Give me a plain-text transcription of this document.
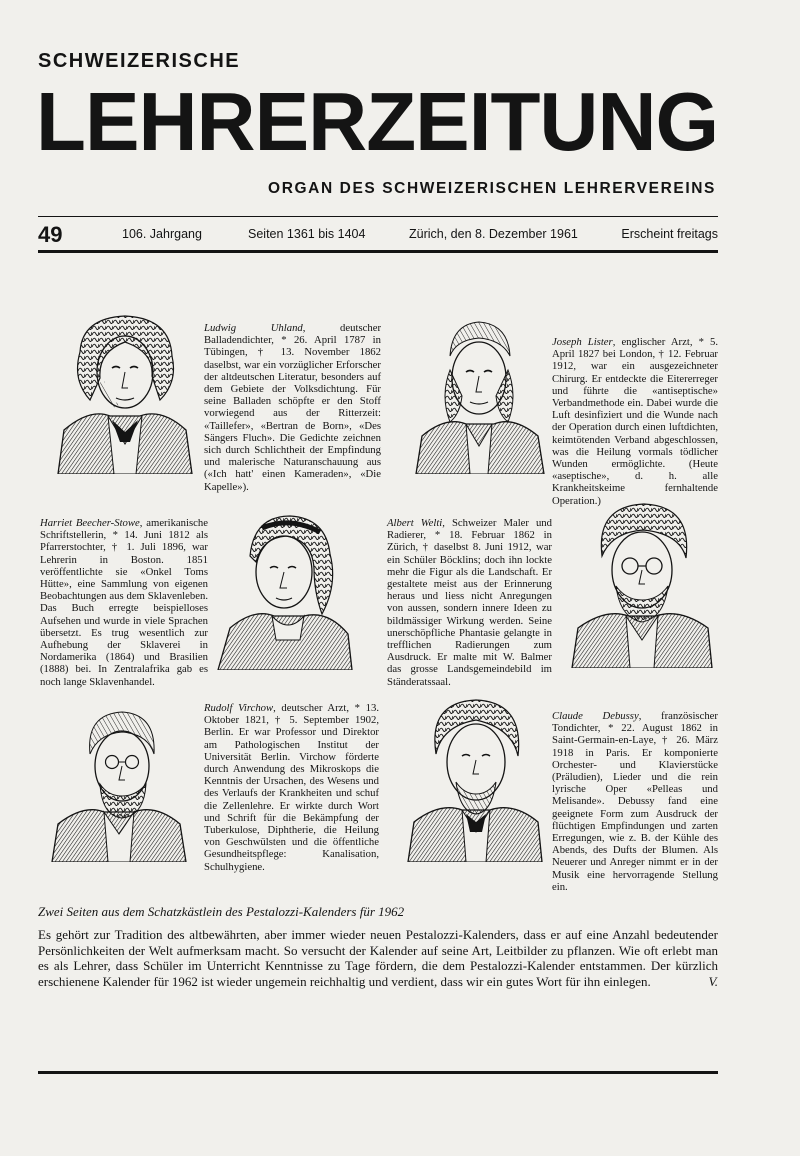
SCHWEIZERISCHE
LEHRERZEITUNG
ORGAN DES SCHWEIZERISCHEN LEHRERVEREINS
49	106. Jahrgang	Seiten 1361 bis 1404	Zürich, den 8. Dezember 1961	Erscheint freitags
Ludwig Uhland, deutscher Balladendichter, * 26. April 1787 in Tübingen, † 13. November 1862 daselbst, war ein vorzüglicher Erforscher der altdeutschen Literatur, besonders auf dem Gebiete der Volksdichtung. Für seine Balladen schöpfte er den Stoff vorwiegend aus der Ritterzeit: «Taillefer», «Bertran de Born», «Des Sängers Fluch». Die Gedichte zeichnen sich durch Schlichtheit der Empfindung und malerische Naturanschauung aus («Ich hatt' einen Kameraden», «Die Kapelle»).
Joseph Lister, englischer Arzt, * 5. April 1827 bei London, † 12. Februar 1912, war ein ausgezeichneter Chirurg. Er entdeckte die Eitererreger und führte die «antiseptische» Verbandmethode ein. Dabei wurde die Luft desinfiziert und die Wunde nach der Operation durch einen luftdichten, keimtötenden Verband abgeschlossen, was die Heilung vormals tödlicher Wunden ermöglichte. (Heute «aseptische», d. h. alle Krankheitskeime fernhaltende Operation.)
Harriet Beecher-Stowe, amerikanische Schriftstellerin, * 14. Juni 1812 als Pfarrerstochter, † 1. Juli 1896, war Lehrerin in Boston. 1851 veröffentlichte sie «Onkel Toms Hütte», eine Sammlung von eigenen Beobachtungen aus dem Sklavenleben. Das Buch erregte beispielloses Aufsehen und wurde in viele Sprachen übersetzt. Es trug wesentlich zur Aufhebung der Sklaverei in Nordamerika (1864) und Brasilien (1888) bei. In Zentralafrika gab es noch lange Sklavenhandel.
Albert Welti, Schweizer Maler und Radierer, * 18. Februar 1862 in Zürich, † daselbst 8. Juni 1912, war ein Schüler Böcklins; doch ihn lockte mehr die Figur als die Landschaft. Er gestaltete meist aus der Erinnerung heraus und liess nicht Anregungen von aussen, sondern innere Ideen zu bildmässiger Wirkung werden. Seine unerschöpfliche Phantasie gelangte in trefflichen Radierungen zum Ausdruck. Er malte mit W. Balmer das grosse Landsgemeindebild im Ständeratssaal.
Rudolf Virchow, deutscher Arzt, * 13. Oktober 1821, † 5. September 1902, Berlin. Er war Professor und Direktor am Pathologischen Institut der Universität Berlin. Virchow förderte durch Anwendung des Mikroskops die Kenntnis der Ursachen, des Wesens und des Verlaufs der Krankheiten und schuf die Zellenlehre. Er wirkte durch Wort und Schrift für die Bekämpfung der Tuberkulose, Diphtherie, die Heilung von Geschwülsten und die öffentliche Gesundheitspflege: Kanalisation, Schulhygiene.
Claude Debussy, französischer Tondichter, * 22. August 1862 in Saint-Germain-en-Laye, † 26. März 1918 in Paris. Er komponierte Orchester- und Klavierstücke (Präludien), Lieder und die rein lyrische Oper «Pelleas und Melisande». Debussy fand eine geeignete Form zum Ausdruck der flüchtigen Empfindungen und zarten Erregungen, wie z. B. der Kühle des Abends, des Dufts der Blumen. Als Neuerer und Anreger nimmt er in der Musik eine hervorragende Stellung ein.
Zwei Seiten aus dem Schatzkästlein des Pestalozzi-Kalenders für 1962
Es gehört zur Tradition des altbewährten, aber immer wieder neuen Pestalozzi-Kalenders, dass er auf eine Anzahl bedeutender Persönlichkeiten der Welt aufmerksam macht. So versucht der Kalender auf seine Art, Leitbilder zu pflanzen. Wie oft erlebt man es als Lehrer, dass Schüler im Unterricht Kenntnisse zu Tage fördern, die dem Pestalozzi-Kalender entstammen. Der kürzlich erschienene Kalender für 1962 ist wieder ungemein reichhaltig und verdient, dass wir ein gutes Wort für ihn einlegen.	V.
